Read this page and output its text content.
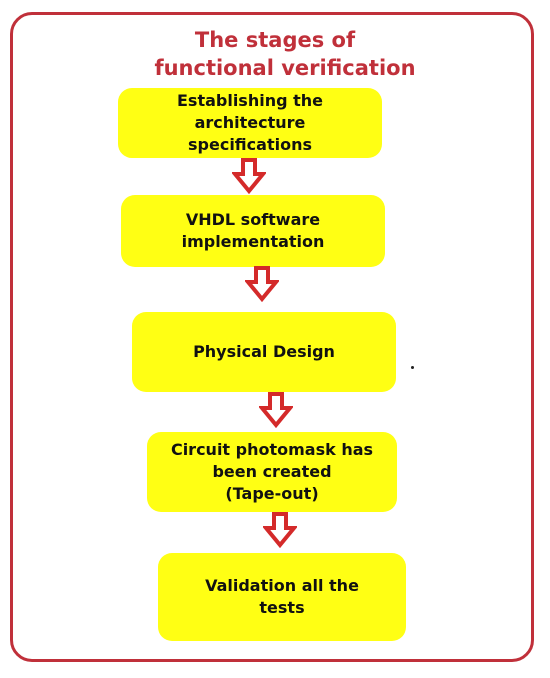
The stages of
functional verification
Establishing the
architecture
specifications
VHDL software
implementation
Physical Design
Circuit photomask has
been created
(Tape-out)
Validation all the
tests
